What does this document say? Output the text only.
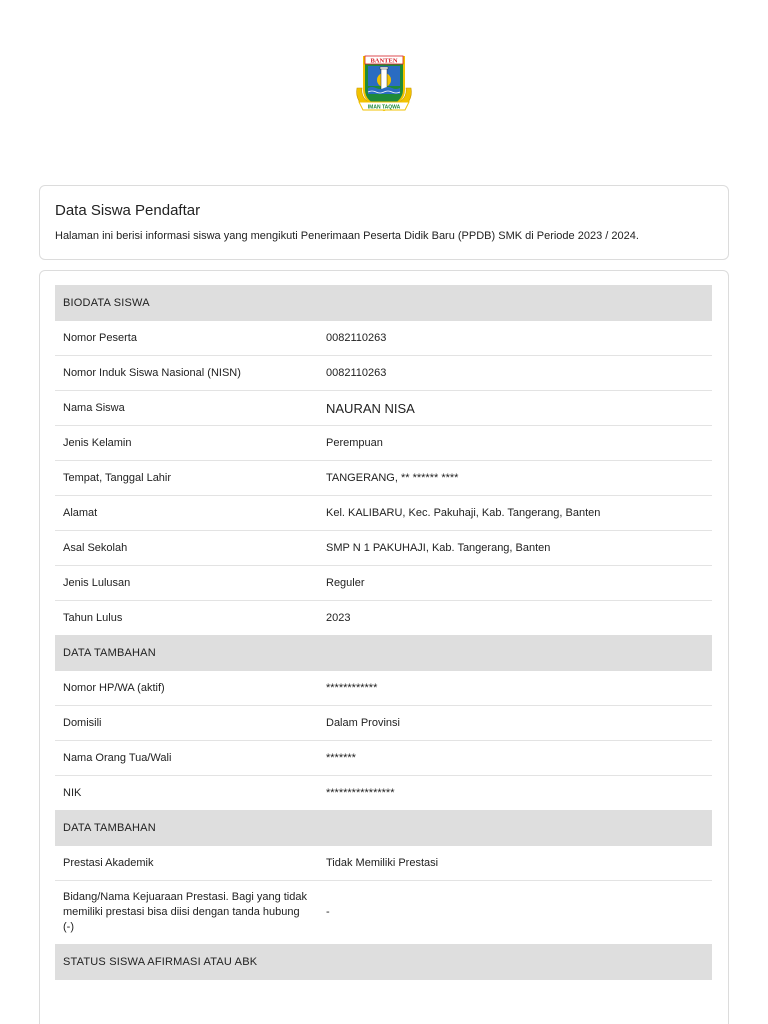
BANTEN
IMAN TAQWA
Data Siswa Pendaftar
Halaman ini berisi informasi siswa yang mengikuti Penerimaan Peserta Didik Baru (PPDB) SMK di Periode 2023 / 2024.
BIODATA SISWA	
Nomor Peserta	0082110263
Nomor Induk Siswa Nasional (NISN)	0082110263
Nama Siswa	NAURAN NISA
Jenis Kelamin	Perempuan
Tempat, Tanggal Lahir	TANGERANG, ** ****** ****
Alamat	Kel. KALIBARU, Kec. Pakuhaji, Kab. Tangerang, Banten
Asal Sekolah	SMP N 1 PAKUHAJI, Kab. Tangerang, Banten
Jenis Lulusan	Reguler
Tahun Lulus	2023
DATA TAMBAHAN	
Nomor HP/WA (aktif)	************
Domisili	Dalam Provinsi
Nama Orang Tua/Wali	*******
NIK	****************
DATA TAMBAHAN	
Prestasi Akademik	Tidak Memiliki Prestasi
Bidang/Nama Kejuaraan Prestasi. Bagi yang tidak memiliki prestasi bisa diisi dengan tanda hubung (-)	-
STATUS SISWA AFIRMASI ATAU ABK	
